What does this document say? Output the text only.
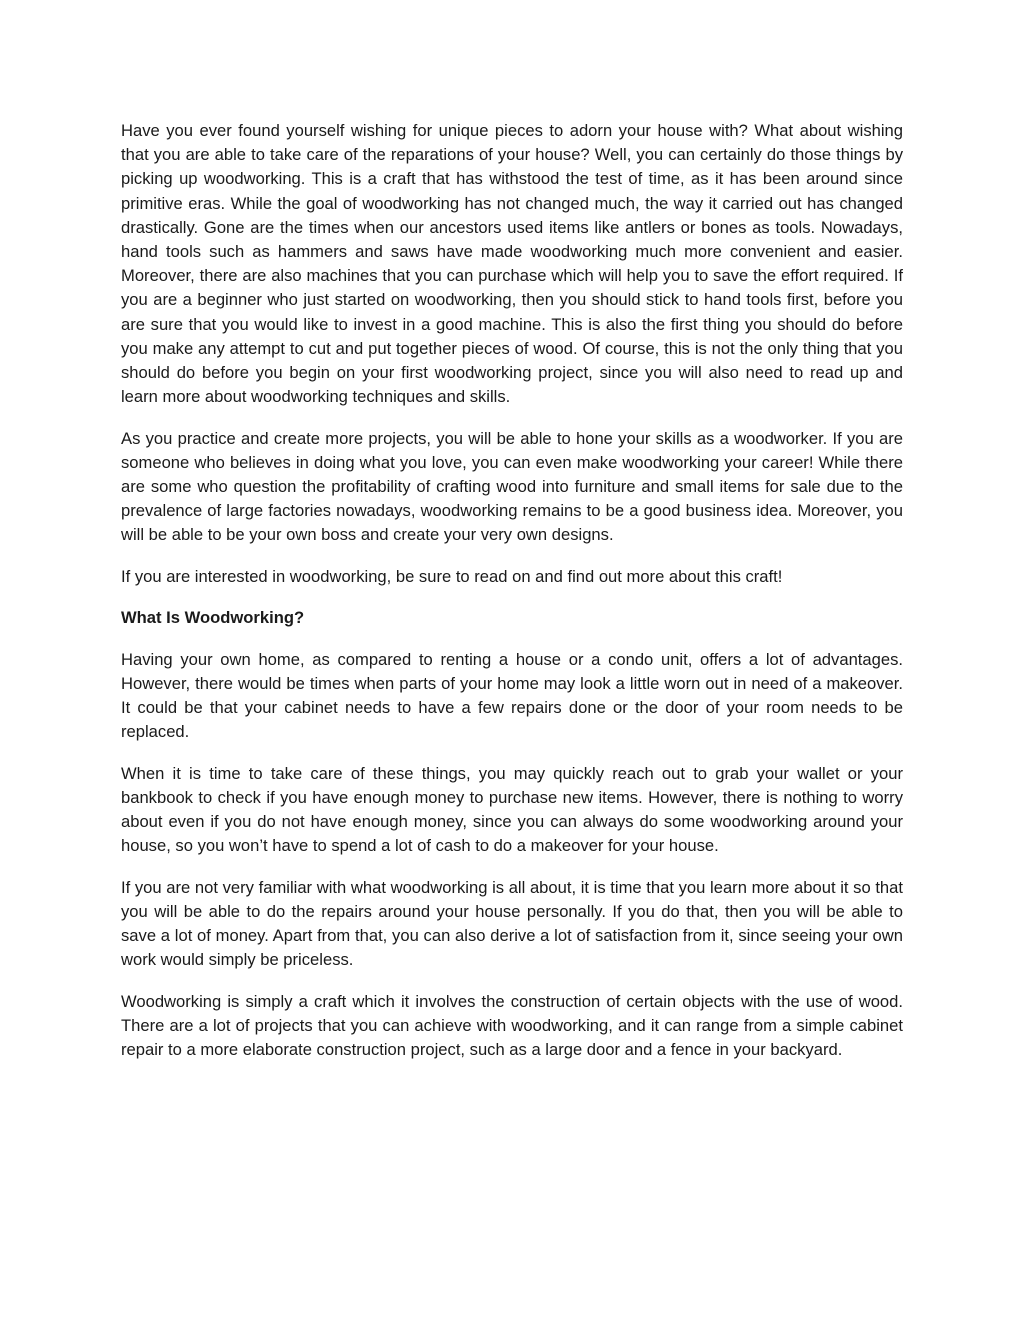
Have you ever found yourself wishing for unique pieces to adorn your house with? What about wishing that you are able to take care of the reparations of your house? Well, you can certainly do those things by picking up woodworking. This is a craft that has withstood the test of time, as it has been around since primitive eras. While the goal of woodworking has not changed much, the way it carried out has changed drastically. Gone are the times when our ancestors used items like antlers or bones as tools. Nowadays, hand tools such as hammers and saws have made woodworking much more convenient and easier. Moreover, there are also machines that you can purchase which will help you to save the effort required. If you are a beginner who just started on woodworking, then you should stick to hand tools first, before you are sure that you would like to invest in a good machine. This is also the first thing you should do before you make any attempt to cut and put together pieces of wood. Of course, this is not the only thing that you should do before you begin on your first woodworking project, since you will also need to read up and learn more about woodworking techniques and skills.

As you practice and create more projects, you will be able to hone your skills as a woodworker. If you are someone who believes in doing what you love, you can even make woodworking your career! While there are some who question the profitability of crafting wood into furniture and small items for sale due to the prevalence of large factories nowadays, woodworking remains to be a good business idea. Moreover, you will be able to be your own boss and create your very own designs.

If you are interested in woodworking, be sure to read on and find out more about this craft!

What Is Woodworking?

Having your own home, as compared to renting a house or a condo unit, offers a lot of advantages. However, there would be times when parts of your home may look a little worn out in need of a makeover. It could be that your cabinet needs to have a few repairs done or the door of your room needs to be replaced.

When it is time to take care of these things, you may quickly reach out to grab your wallet or your bankbook to check if you have enough money to purchase new items. However, there is nothing to worry about even if you do not have enough money, since you can always do some woodworking around your house, so you won’t have to spend a lot of cash to do a makeover for your house.

If you are not very familiar with what woodworking is all about, it is time that you learn more about it so that you will be able to do the repairs around your house personally. If you do that, then you will be able to save a lot of money. Apart from that, you can also derive a lot of satisfaction from it, since seeing your own work would simply be priceless.

Woodworking is simply a craft which it involves the construction of certain objects with the use of wood. There are a lot of projects that you can achieve with woodworking, and it can range from a simple cabinet repair to a more elaborate construction project, such as a large door and a fence in your backyard.
